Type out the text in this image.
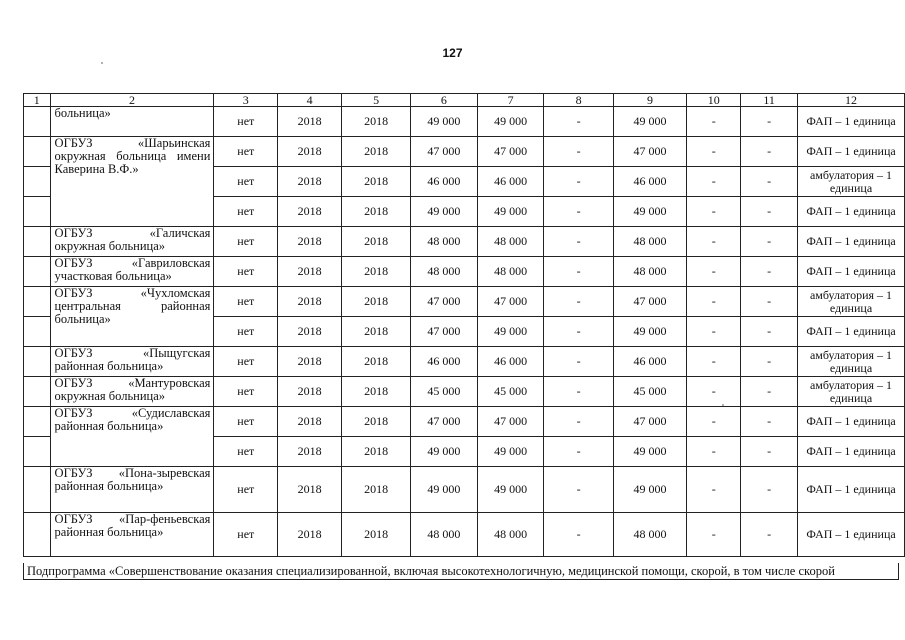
127
1	2	3	4	5	6	7	8	9	10	11	12
	больница»	нет	2018	2018	49 000	49 000	-	49 000	-	-	ФАП – 1 единица
	ОГБУЗ «Шарьинская окружная больница имени Каверина В.Ф.»	нет	2018	2018	47 000	47 000	-	47 000	-	-	ФАП – 1 единица
		нет	2018	2018	46 000	46 000	-	46 000	-	-	амбулатория – 1 единица
		нет	2018	2018	49 000	49 000	-	49 000	-	-	ФАП – 1 единица
	ОГБУЗ «Галичская окружная больница»	нет	2018	2018	48 000	48 000	-	48 000	-	-	ФАП – 1 единица
	ОГБУЗ «Гавриловская участковая больница»	нет	2018	2018	48 000	48 000	-	48 000	-	-	ФАП – 1 единица
	ОГБУЗ «Чухломская центральная районная больница»	нет	2018	2018	47 000	47 000	-	47 000	-	-	амбулатория – 1 единица
		нет	2018	2018	47 000	49 000	-	49 000	-	-	ФАП – 1 единица
	ОГБУЗ «Пыщугская районная больница»	нет	2018	2018	46 000	46 000	-	46 000	-	-	амбулатория – 1 единица
	ОГБУЗ «Мантуровская окружная больница»	нет	2018	2018	45 000	45 000	-	45 000	-	-	амбулатория – 1 единица
	ОГБУЗ «Судиславская районная больница»	нет	2018	2018	47 000	47 000	-	47 000	-	-	ФАП – 1 единица
		нет	2018	2018	49 000	49 000	-	49 000	-	-	ФАП – 1 единица
	ОГБУЗ «Понa-зыревская районная больница»	нет	2018	2018	49 000	49 000	-	49 000	-	-	ФАП – 1 единица
	ОГБУЗ «Пар-феньевская районная больница»	нет	2018	2018	48 000	48 000	-	48 000	-	-	ФАП – 1 единица
Подпрограмма «Совершенствование оказания специализированной, включая высокотехнологичную, медицинской помощи, скорой, в том числе скорой
